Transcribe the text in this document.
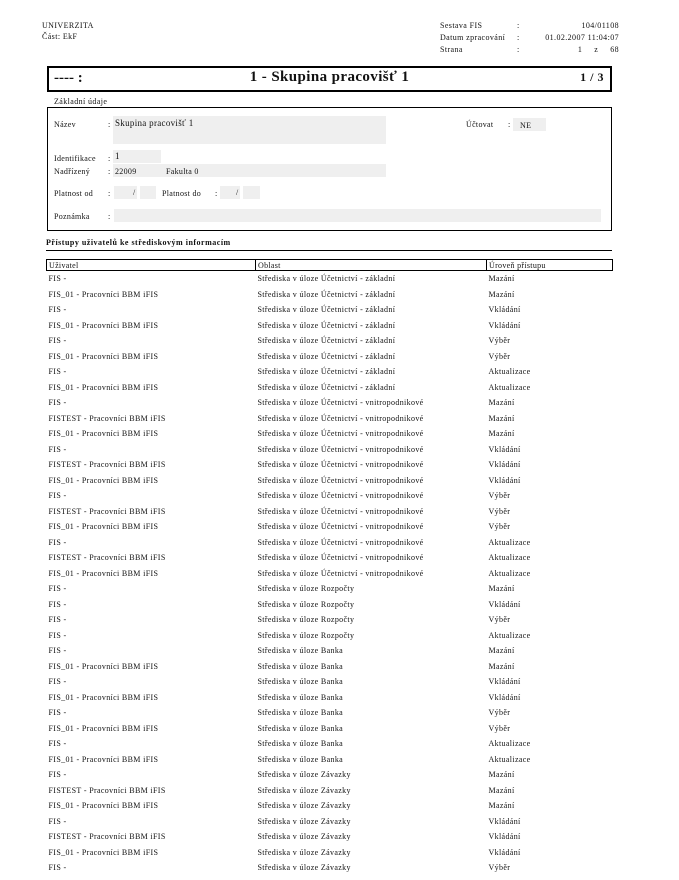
UNIVERZITA
Část: EkF
Sestava FIS	:	104/01108
Datum zpracování :	01.02.2007 11:04:07
Strana	:	1     z     68
---- :	1 - Skupina pracovišť 1	1 / 3
Základní údaje
Název	: Skupina pracovišť 1	Účtovat : NE
Identifikace : 1
Nadřízený : 22009	Fakulta 0
Platnost od :	/	Platnost do : /
Poznámka :
Přístupy uživatelů ke střediskovým informacím
Uživatel	Oblast	Úroveň přístupu
FIS -	Střediska v úloze Účetnictví - základní	Mazání
FIS_01 - Pracovníci BBM iFIS	Střediska v úloze Účetnictví - základní	Mazání
FIS -	Střediska v úloze Účetnictví - základní	Vkládání
FIS_01 - Pracovníci BBM iFIS	Střediska v úloze Účetnictví - základní	Vkládání
FIS -	Střediska v úloze Účetnictví - základní	Výběr
FIS_01 - Pracovníci BBM iFIS	Střediska v úloze Účetnictví - základní	Výběr
FIS -	Střediska v úloze Účetnictví - základní	Aktualizace
FIS_01 - Pracovníci BBM iFIS	Střediska v úloze Účetnictví - základní	Aktualizace
FIS -	Střediska v úloze Účetnictví - vnitropodnikové	Mazání
FISTEST - Pracovníci BBM iFIS	Střediska v úloze Účetnictví - vnitropodnikové	Mazání
FIS_01 - Pracovníci BBM iFIS	Střediska v úloze Účetnictví - vnitropodnikové	Mazání
FIS -	Střediska v úloze Účetnictví - vnitropodnikové	Vkládání
FISTEST - Pracovníci BBM iFIS	Střediska v úloze Účetnictví - vnitropodnikové	Vkládání
FIS_01 - Pracovníci BBM iFIS	Střediska v úloze Účetnictví - vnitropodnikové	Vkládání
FIS -	Střediska v úloze Účetnictví - vnitropodnikové	Výběr
FISTEST - Pracovníci BBM iFIS	Střediska v úloze Účetnictví - vnitropodnikové	Výběr
FIS_01 - Pracovníci BBM iFIS	Střediska v úloze Účetnictví - vnitropodnikové	Výběr
FIS -	Střediska v úloze Účetnictví - vnitropodnikové	Aktualizace
FISTEST - Pracovníci BBM iFIS	Střediska v úloze Účetnictví - vnitropodnikové	Aktualizace
FIS_01 - Pracovníci BBM iFIS	Střediska v úloze Účetnictví - vnitropodnikové	Aktualizace
FIS -	Střediska v úloze Rozpočty	Mazání
FIS -	Střediska v úloze Rozpočty	Vkládání
FIS -	Střediska v úloze Rozpočty	Výběr
FIS -	Střediska v úloze Rozpočty	Aktualizace
FIS -	Střediska v úloze Banka	Mazání
FIS_01 - Pracovníci BBM iFIS	Střediska v úloze Banka	Mazání
FIS -	Střediska v úloze Banka	Vkládání
FIS_01 - Pracovníci BBM iFIS	Střediska v úloze Banka	Vkládání
FIS -	Střediska v úloze Banka	Výběr
FIS_01 - Pracovníci BBM iFIS	Střediska v úloze Banka	Výběr
FIS -	Střediska v úloze Banka	Aktualizace
FIS_01 - Pracovníci BBM iFIS	Střediska v úloze Banka	Aktualizace
FIS -	Střediska v úloze Závazky	Mazání
FISTEST - Pracovníci BBM iFIS	Střediska v úloze Závazky	Mazání
FIS_01 - Pracovníci BBM iFIS	Střediska v úloze Závazky	Mazání
FIS -	Střediska v úloze Závazky	Vkládání
FISTEST - Pracovníci BBM iFIS	Střediska v úloze Závazky	Vkládání
FIS_01 - Pracovníci BBM iFIS	Střediska v úloze Závazky	Vkládání
FIS -	Střediska v úloze Závazky	Výběr
